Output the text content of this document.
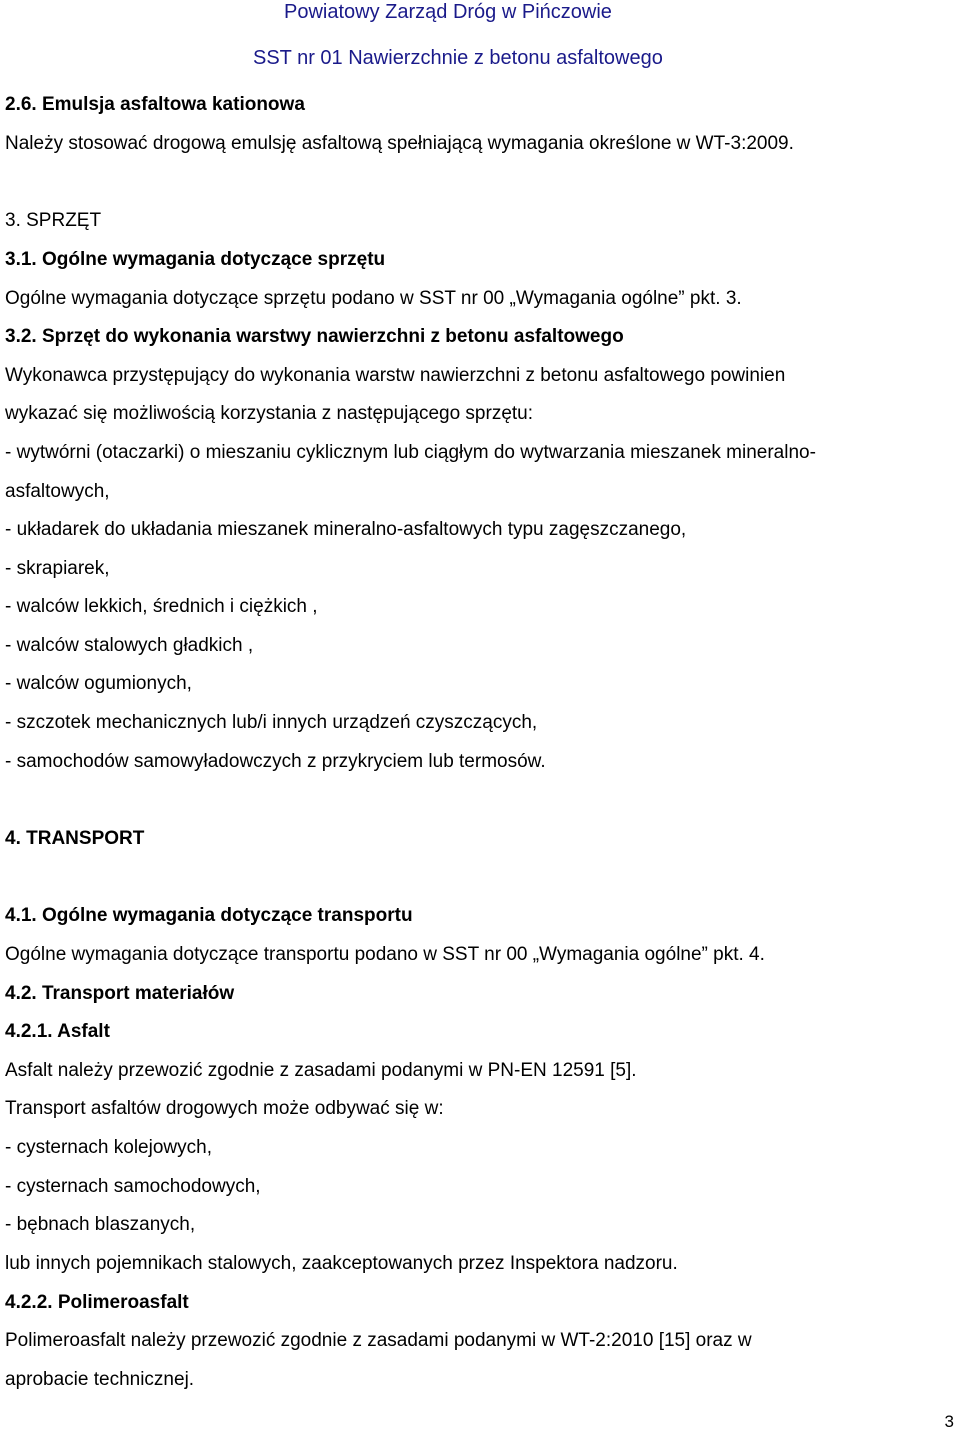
Powiatowy Zarząd Dróg w Pińczowie
SST nr 01 Nawierzchnie z betonu asfaltowego
2.6. Emulsja asfaltowa kationowa
Należy stosować drogową emulsję asfaltową spełniającą wymagania określone w WT-3:2009.
3. SPRZĘT
3.1. Ogólne wymagania dotyczące sprzętu
Ogólne wymagania dotyczące sprzętu podano w SST nr 00 „Wymagania ogólne” pkt. 3.
3.2. Sprzęt do wykonania warstwy nawierzchni z betonu asfaltowego
Wykonawca przystępujący do wykonania warstw nawierzchni z betonu asfaltowego powinien
wykazać się możliwością korzystania z następującego sprzętu:
- wytwórni (otaczarki) o mieszaniu cyklicznym lub ciągłym do wytwarzania mieszanek mineralno-
asfaltowych,
- układarek do układania mieszanek mineralno-asfaltowych typu zagęszczanego,
- skrapiarek,
- walców lekkich, średnich i ciężkich ,
- walców stalowych gładkich ,
- walców ogumionych,
- szczotek mechanicznych lub/i innych urządzeń czyszczących,
- samochodów samowyładowczych z przykryciem lub termosów.
4. TRANSPORT
4.1. Ogólne wymagania dotyczące transportu
Ogólne wymagania dotyczące transportu podano w SST nr 00 „Wymagania ogólne” pkt. 4.
4.2. Transport materiałów
4.2.1. Asfalt
Asfalt należy przewozić zgodnie z zasadami podanymi w PN-EN 12591 [5].
Transport asfaltów drogowych może odbywać się w:
- cysternach kolejowych,
- cysternach samochodowych,
- bębnach blaszanych,
lub innych pojemnikach stalowych, zaakceptowanych przez Inspektora nadzoru.
4.2.2. Polimeroasfalt
Polimeroasfalt należy przewozić zgodnie z zasadami podanymi w WT-2:2010 [15] oraz w
aprobacie technicznej.
3
